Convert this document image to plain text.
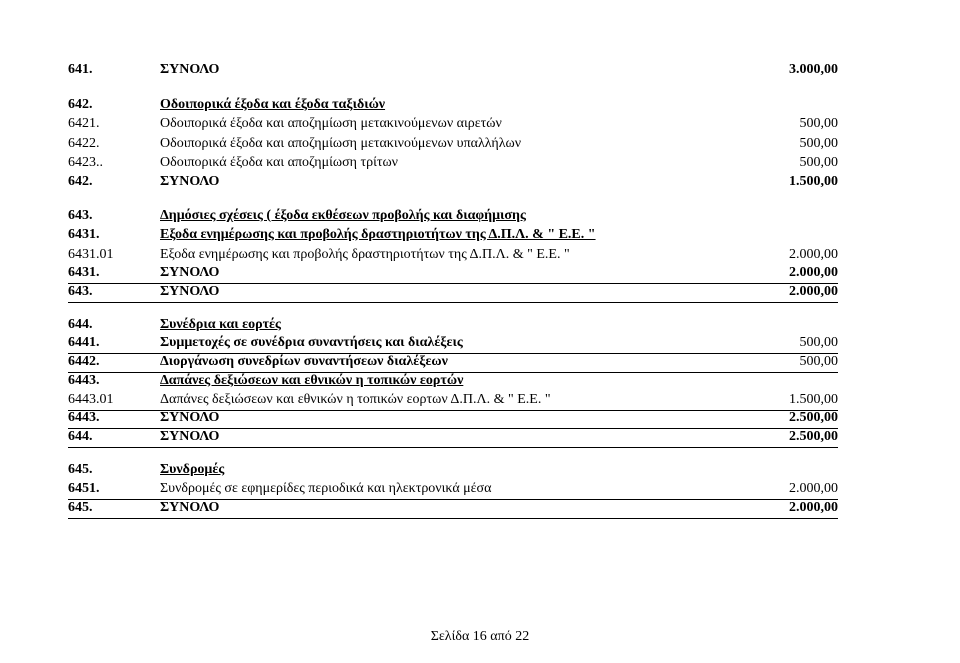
641.	ΣΥΝΟΛΟ	3.000,00
642.	Οδοιπορικά έξοδα και έξοδα ταξιδιών
6421.	Οδοιπορικά έξοδα και αποζημίωση μετακινούμενων αιρετών	500,00
6422.	Οδοιπορικά έξοδα και αποζημίωση μετακινούμενων υπαλλήλων	500,00
6423..	Οδοιπορικά έξοδα και αποζημίωση τρίτων	500,00
642.	ΣΥΝΟΛΟ	1.500,00
643.	Δημόσιες σχέσεις ( έξοδα εκθέσεων προβολής και διαφήμισης
6431.	Εξοδα ενημέρωσης και προβολής δραστηριοτήτων της Δ.Π.Λ. & " Ε.Ε. "
6431.01	Εξοδα ενημέρωσης και προβολής δραστηριοτήτων της Δ.Π.Λ. & " Ε.Ε. "	2.000,00
6431.	ΣΥΝΟΛΟ	2.000,00
643.	ΣΥΝΟΛΟ	2.000,00
644.	Συνέδρια και εορτές
6441.	Συμμετοχές σε συνέδρια συναντήσεις και διαλέξεις	500,00
6442.	Διοργάνωση συνεδρίων συναντήσεων διαλέξεων	500,00
6443.	Δαπάνες δεξιώσεων και εθνικών η τοπικών εορτών
6443.01	Δαπάνες δεξιώσεων και εθνικών η τοπικών εορτων Δ.Π.Λ. & " Ε.Ε. "	1.500,00
6443.	ΣΥΝΟΛΟ	2.500,00
644.	ΣΥΝΟΛΟ	2.500,00
645.	Συνδρομές
6451.	Συνδρομές σε εφημερίδες περιοδικά και ηλεκτρονικά μέσα	2.000,00
645.	ΣΥΝΟΛΟ	2.000,00
Σελίδα 16 από 22
